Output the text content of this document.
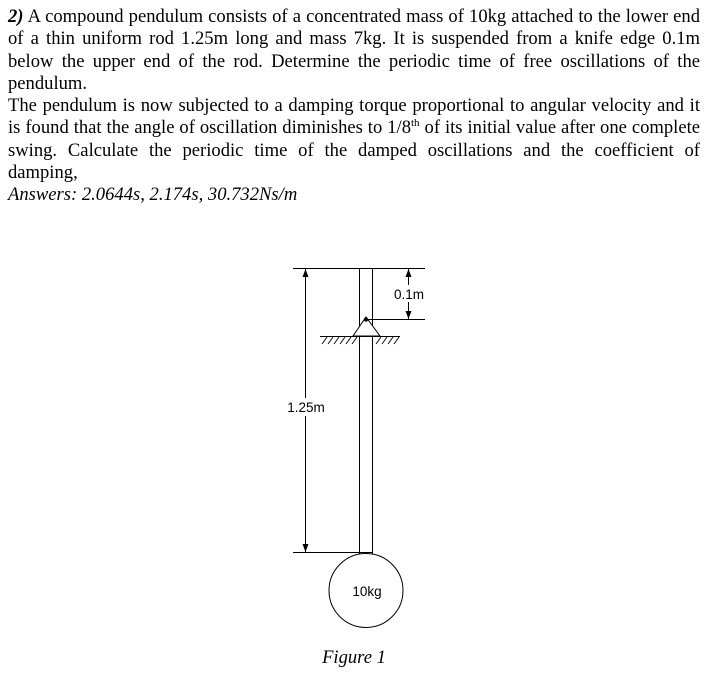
2) A compound pendulum consists of a concentrated mass of 10kg attached to the lower end of a thin uniform rod 1.25m long and mass 7kg. It is suspended from a knife edge 0.1m below the upper end of the rod. Determine the periodic time of free oscillations of the pendulum.

The pendulum is now subjected to a damping torque proportional to angular velocity and it is found that the angle of oscillation diminishes to 1/8th of its initial value after one complete swing. Calculate the periodic time of the damped oscillations and the coefficient of damping,

Answers: 2.0644s, 2.174s, 30.732Ns/m

1.25m
0.1m
10kg
Figure 1
